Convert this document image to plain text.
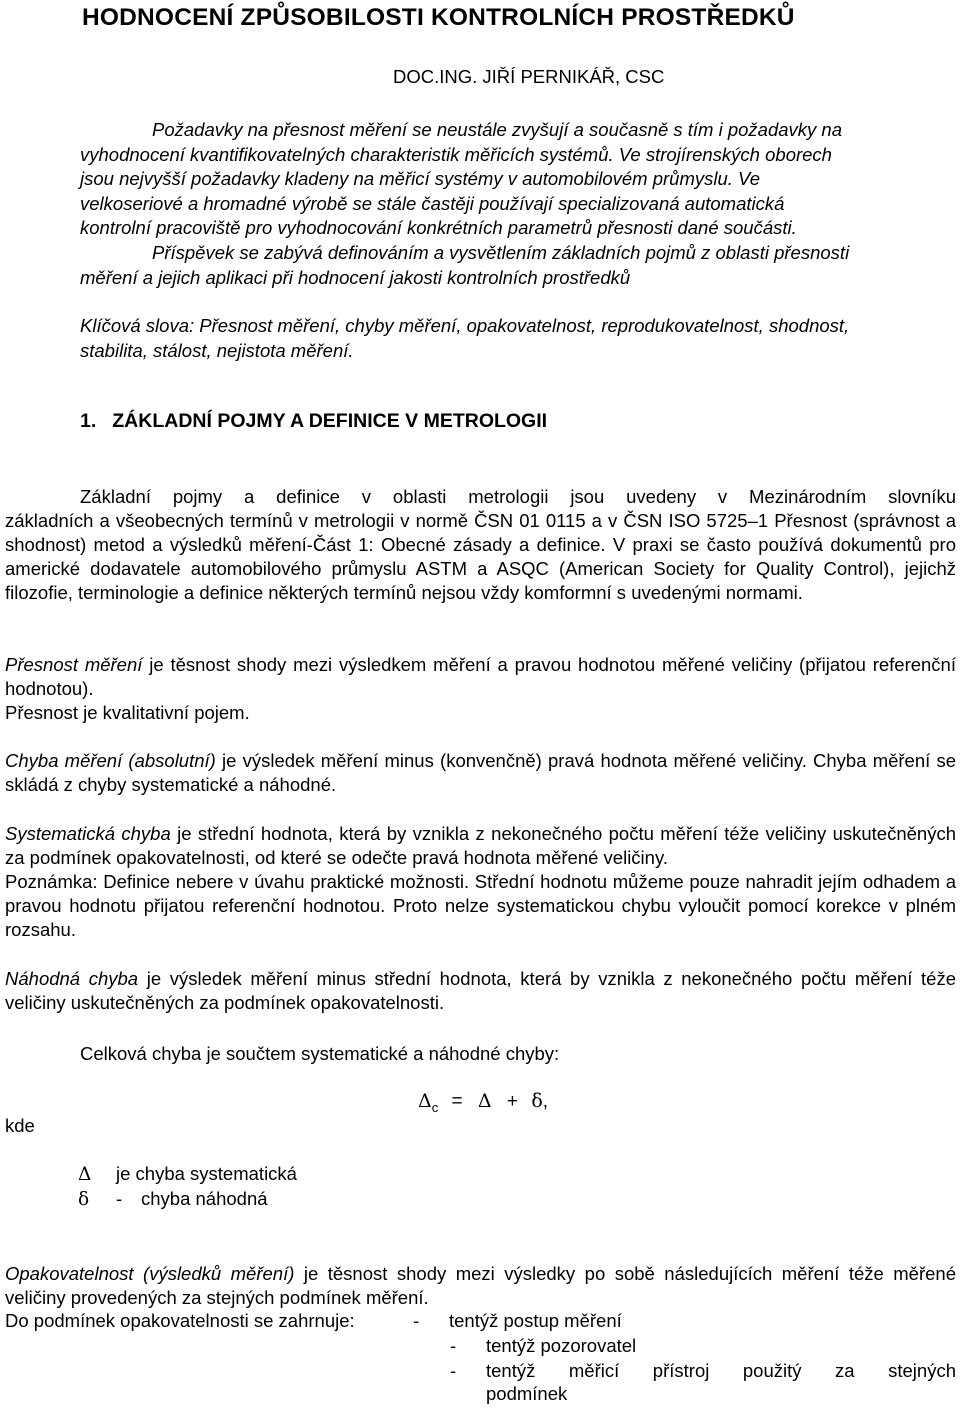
HODNOCENÍ ZPŮSOBILOSTI KONTROLNÍCH PROSTŘEDKŮ
DOC.ING. JIŘÍ PERNIKÁŘ, CSC
Požadavky na přesnost měření se neustále zvyšují a současně s tím i požadavky na
vyhodnocení kvantifikovatelných charakteristik měřicích systémů. Ve strojírenských oborech
jsou nejvyšší požadavky kladeny na měřicí systémy v automobilovém průmyslu. Ve
velkoseriové a hromadné výrobě se stále častěji používají specializovaná automatická
kontrolní pracoviště pro vyhodnocování konkrétních parametrů přesnosti dané součásti.
Příspěvek se zabývá definováním a vysvětlením základních pojmů z oblasti přesnosti
měření a jejich aplikaci při hodnocení jakosti kontrolních prostředků
Klíčová slova: Přesnost měření, chyby měření, opakovatelnost, reprodukovatelnost, shodnost,
stabilita, stálost, nejistota měření.
1. ZÁKLADNÍ POJMY A DEFINICE V METROLOGII

Základní pojmy a definice v oblasti metrologii jsou uvedeny v Mezinárodním slovníku

základních a všeobecných termínů v metrologii v normě ČSN 01 0115 a v ČSN ISO 5725–1 Přesnost (správnost a shodnost) metod a výsledků měření-Část 1: Obecné zásady a definice. V praxi se často používá dokumentů pro americké dodavatele automobilového průmyslu ASTM a ASQC (American Society for Quality Control), jejichž filozofie, terminologie a definice některých termínů nejsou vždy komformní s uvedenými normami.

Přesnost měření je těsnost shody mezi výsledkem měření a pravou hodnotou měřené veličiny (přijatou referenční hodnotou).

Přesnost je kvalitativní pojem.

Chyba měření (absolutní) je výsledek měření minus (konvenčně) pravá hodnota měřené veličiny. Chyba měření se skládá z chyby systematické a náhodné.

Systematická chyba je střední hodnota, která by vznikla z nekonečného počtu měření téže veličiny uskutečněných za podmínek opakovatelnosti, od které se odečte pravá hodnota měřené veličiny.

Poznámka: Definice nebere v úvahu praktické možnosti. Střední hodnotu můžeme pouze nahradit jejím odhadem a pravou hodnotu přijatou referenční hodnotou. Proto nelze systematickou chybu vyloučit pomocí korekce v plném rozsahu.

Náhodná chyba je výsledek měření minus střední hodnota, která by vznikla z nekonečného počtu měření téže veličiny uskutečněných za podmínek opakovatelnosti.

Celková chyba je součtem systematické a náhodné chyby:
$\Delta_c = \Delta + \delta$,
kde
Δ je chyba systematická
δ - chyba náhodná

Opakovatelnost (výsledků měření) je těsnost shody mezi výsledky po sobě následujících měření téže měřené veličiny provedených za stejných podmínek měření.

Do podmínek opakovatelnosti se zahrnuje:	- tentýž postup měření
- tentýž pozorovatel
- tentýž měřicí přístroj použitý za stejných
podmínek
